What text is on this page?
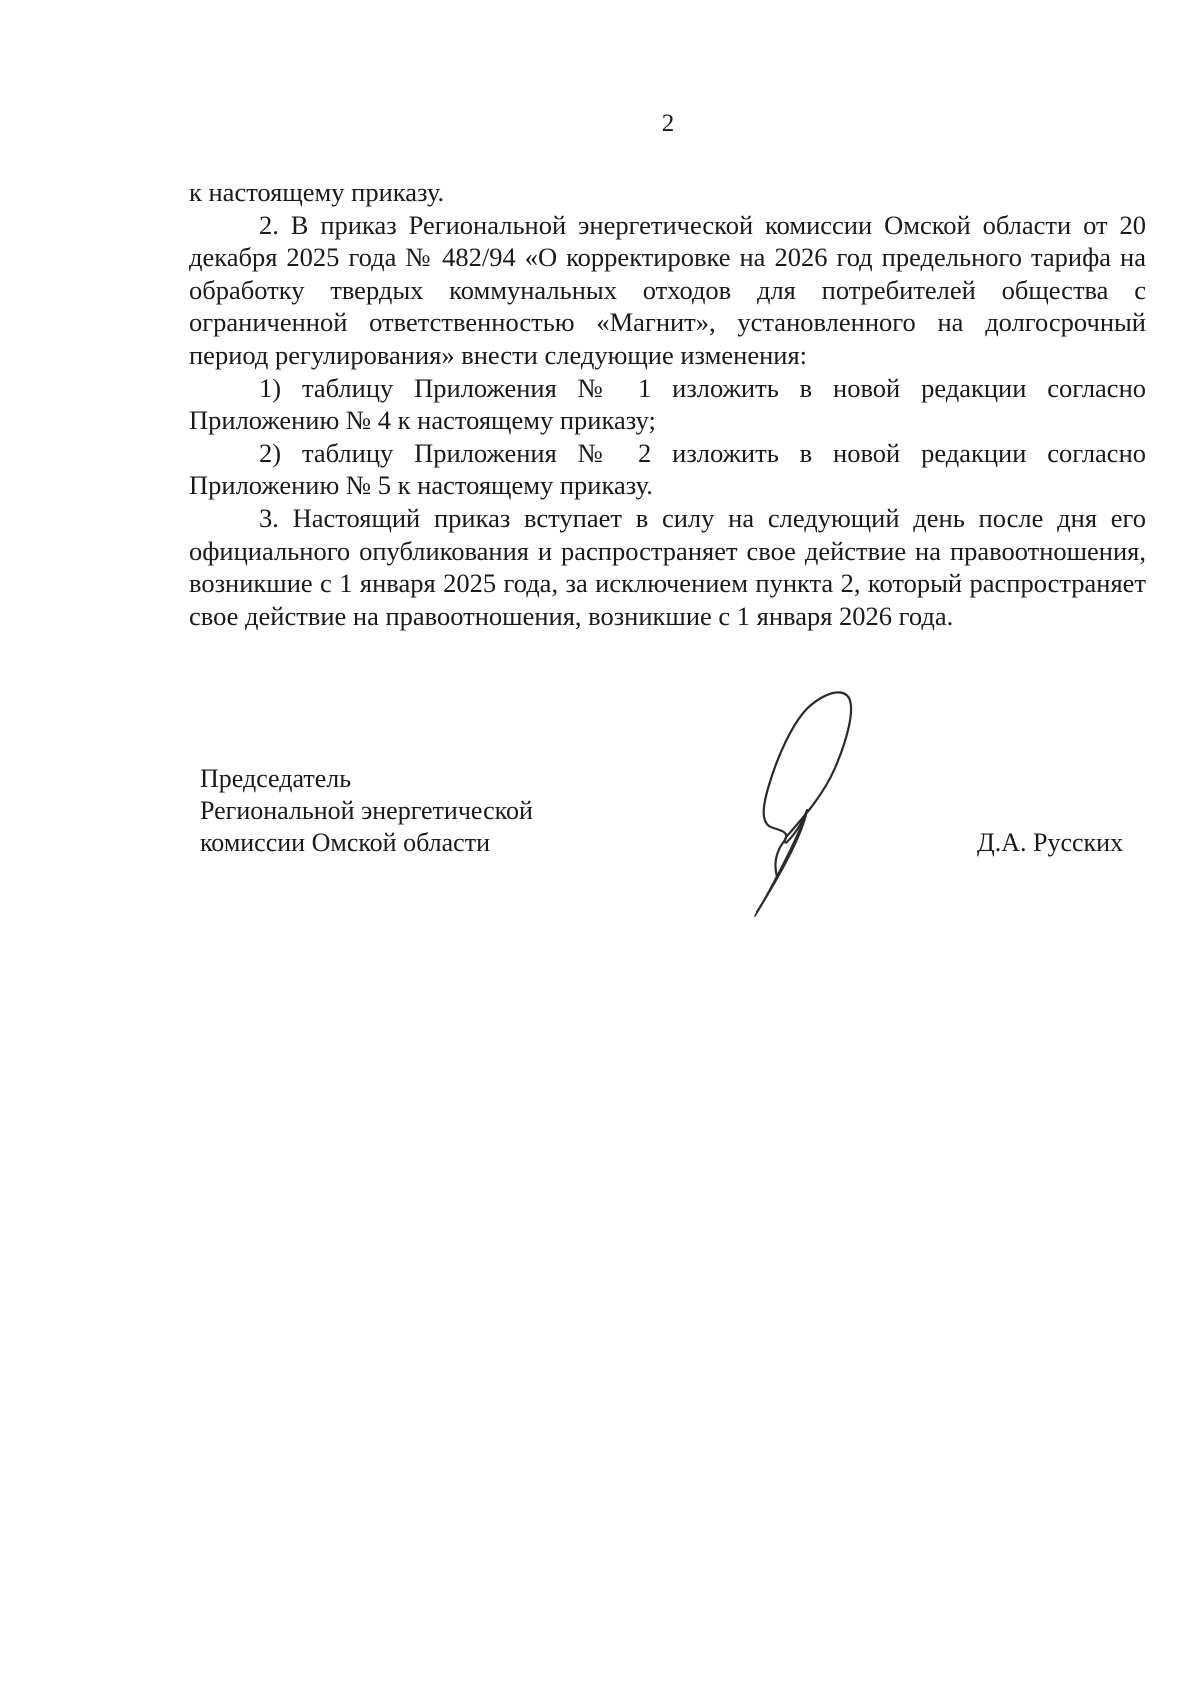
2

к настоящему приказу.

2. В приказ Региональной энергетической комиссии Омской области от 20 декабря 2025 года № 482/94 «О корректировке на 2026 год предельного тарифа на обработку твердых коммунальных отходов для потребителей общества с ограниченной ответственностью «Магнит», установленного на долгосрочный период регулирования» внести следующие изменения:

1) таблицу Приложения № 1 изложить в новой редакции согласно Приложению № 4 к настоящему приказу;

2) таблицу Приложения № 2 изложить в новой редакции согласно Приложению № 5 к настоящему приказу.

3. Настоящий приказ вступает в силу на следующий день после дня его официального опубликования и распространяет свое действие на правоотношения, возникшие с 1 января 2025 года, за исключением пункта 2, который распространяет свое действие на правоотношения, возникшие с 1 января 2026 года.

Председатель
Региональной энергетической
комиссии Омской области	Д.А. Русских
